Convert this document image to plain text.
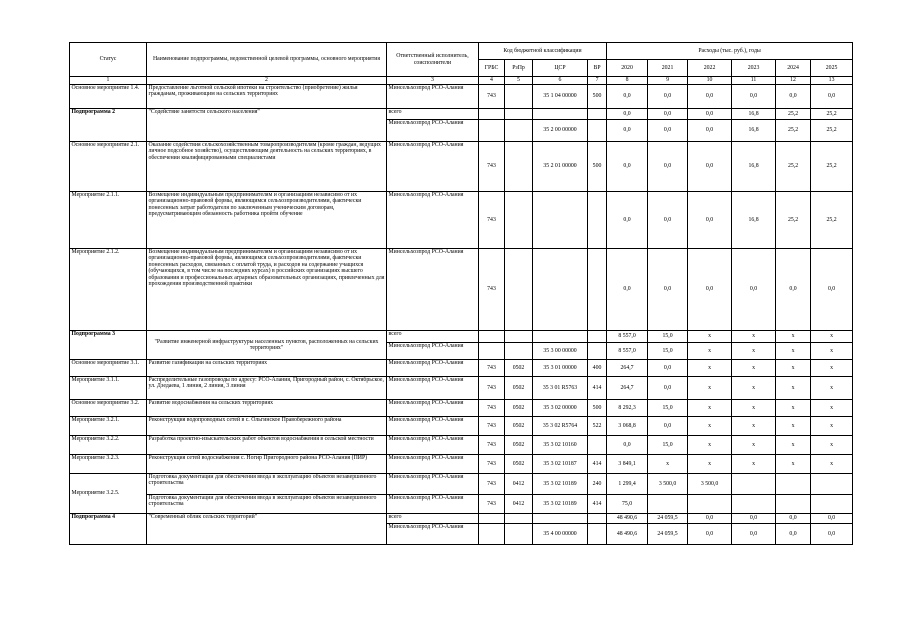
Статус	Наименование подпрограммы, ведомственной целевой программы, основного мероприятия	Ответственный исполнитель, соисполнители	Код бюджетной классификации				Расходы (тыс. руб.), годы					
			ГРБС	РзПр	ЦСР	ВР	2020	2021	2022	2023	2024	2025
1	2	3	4	5	6	7	8	9	10	11	12	13
Основное мероприятие 1.4.	Предоставление льготной сельской ипотеки на строительство (приобретение) жилья гражданам, проживающим на сельских территориях	Минсельхозпрод РСО-Алания	743		35 1 04 00000	500	0,0	0,0	0,0	0,0	0,0	0,0
Подпрограмма 2	"Содействие занятости сельского населения"	всего					0,0	0,0	0,0	16,8	25,2	25,2
		Минсельхозпрод РСО-Алания			35 2 00 00000		0,0	0,0	0,0	16,8	25,2	25,2
Основное мероприятие 2.1.	Оказание содействия сельскохозяйственным товаропроизводителям (кроме граждан, ведущих личное подсобное хозяйство), осуществляющим деятельность на сельских территориях, в обеспечении квалифицированными специалистами	Минсельхозпрод РСО-Алания	743		35 2 01 00000	500	0,0	0,0	0,0	16,8	25,2	25,2
Мероприятие 2.1.1.	Возмещение индивидуальным предпринимателям и организациям независимо от их организационно-правовой формы, являющимся сельхозпроизводителями, фактически понесенных затрат работодателя по заключенным ученическим договорам, предусматривающим обязанность работника пройти обучение	Минсельхозпрод РСО-Алания	743				0,0	0,0	0,0	16,8	25,2	25,2
Мероприятие 2.1.2.	Возмещение индивидуальным предпринимателям и организациям независимо от их организационно-правовой формы, являющимся сельхозпроизводителями, фактически понесенных расходов, связанных с оплатой труда, и расходов на содержание учащихся (обучающихся, в том числе на последних курсах) в российских организациях высшего образования и профессиональных аграрных образовательных организациях, привлеченных для прохождения производственной практики	Минсельхозпрод РСО-Алания	743				0,0	0,0	0,0	0,0	0,0	0,0
Подпрограмма 3	"Развитие инженерной инфраструктуры населенных пунктов, расположенных на сельских территориях"	всего					8 557,0	15,0	x	x	x	x
		Минсельхозпрод РСО-Алания			35 3 00 00000		8 557,0	15,0	x	x	x	x
Основное мероприятие 3.1.	Развитие газификации на сельских территориях	Минсельхозпрод РСО-Алания	743	0502	35 3 01 00000	400	264,7	0,0	x	x	x	x
Мероприятие 3.1.1.	Распределительные газопроводы по адресу: РСО-Алания, Пригородный район, с. Октябрьское, ул. Дзедаева, 1 линия, 2 линия, 3 линия	Минсельхозпрод РСО-Алания	743	0502	35 3 01 R5763	414	264,7	0,0	x	x	x	x
Основное мероприятие 3.2.	Развитие водоснабжения на сельских территориях	Минсельхозпрод РСО-Алания	743	0502	35 3 02 00000	500	8 292,3	15,0	x	x	x	x
Мероприятие 3.2.1.	Реконструкция водопроводных сетей в с. Ольгинское Правобережного района	Минсельхозпрод РСО-Алания	743	0502	35 3 02 R5764	522	3 068,8	0,0	x	x	x	x
Мероприятие 3.2.2.	Разработка проектно-изыскательских работ объектов водоснабжения в сельской местности	Минсельхозпрод РСО-Алания	743	0502	35 3 02 10160		0,0	15,0	x	x	x	x
Мероприятие 3.2.3.	Реконструкция сетей водоснабжения с. Ногир Пригородного района РСО-Алания (ПИР)	Минсельхозпрод РСО-Алания	743	0502	35 3 02 10187	414	3 849,1	x	x	x	x	x
Мероприятие 3.2.5.	Подготовка документации для обеспечения ввода в эксплуатацию объектов незавершенного строительства	Минсельхозпрод РСО-Алания	743	0412	35 3 02 10189	240	1 299,4	3 500,0	3 500,0			
	Подготовка документации для обеспечения ввода в эксплуатацию объектов незавершенного строительства	Минсельхозпрод РСО-Алания	743	0412	35 3 02 10189	414	75,0					
Подпрограмма 4	"Современный облик сельских территорий"	всего					48 490,6	24 059,5	0,0	0,0	0,0	0,0
		Минсельхозпрод РСО-Алания			35 4 00 00000		48 490,6	24 059,5	0,0	0,0	0,0	0,0
